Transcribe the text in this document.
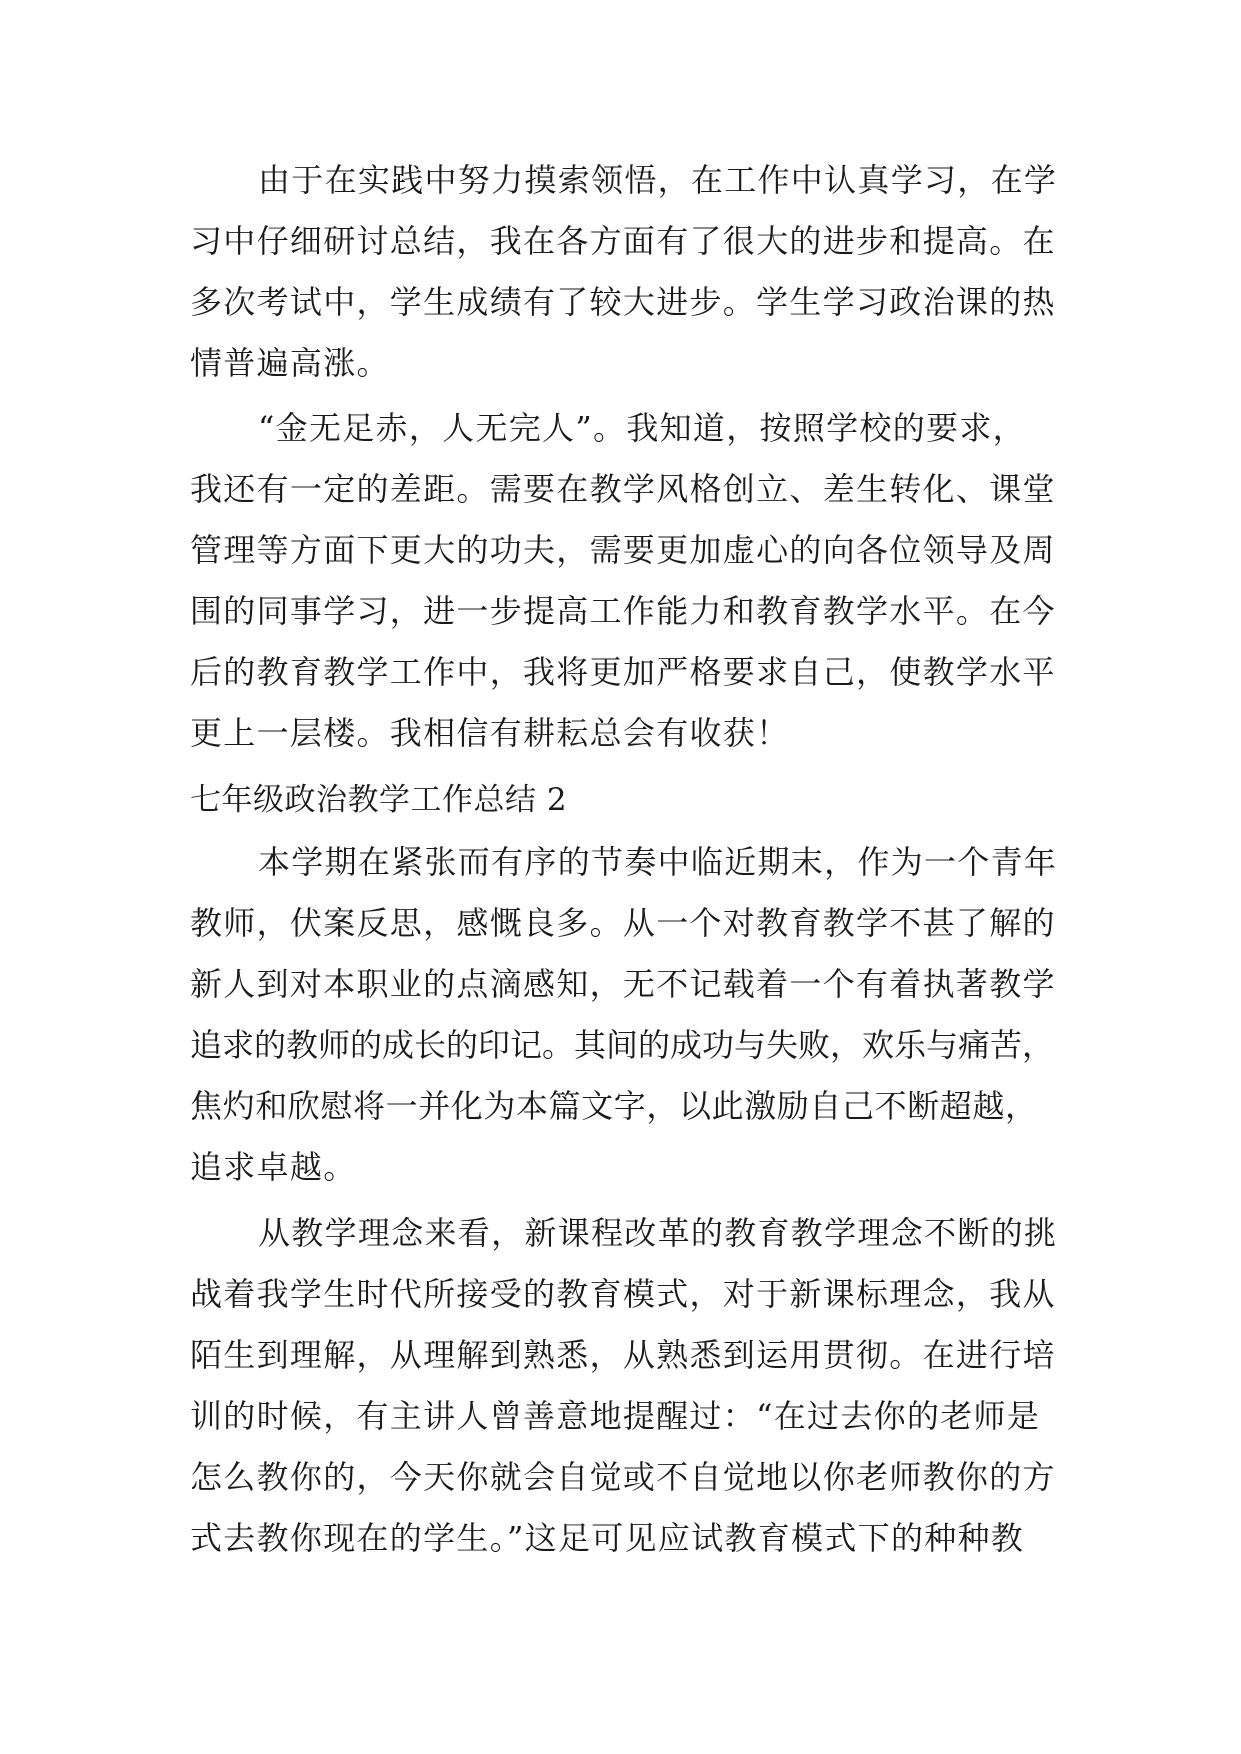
由于在实践中努力摸索领悟，在工作中认真学习，在学
习中仔细研讨总结，我在各方面有了很大的进步和提高。在
多次考试中，学生成绩有了较大进步。学生学习政治课的热
情普遍高涨。
“金无足赤，人无完人”。我知道，按照学校的要求，
我还有一定的差距。需要在教学风格创立、差生转化、课堂
管理等方面下更大的功夫，需要更加虚心的向各位领导及周
围的同事学习，进一步提高工作能力和教育教学水平。在今
后的教育教学工作中，我将更加严格要求自己，使教学水平
更上一层楼。我相信有耕耘总会有收获！
七年级政治教学工作总结 2
本学期在紧张而有序的节奏中临近期末，作为一个青年
教师，伏案反思，感慨良多。从一个对教育教学不甚了解的
新人到对本职业的点滴感知，无不记载着一个有着执著教学
追求的教师的成长的印记。其间的成功与失败，欢乐与痛苦，
焦灼和欣慰将一并化为本篇文字，以此激励自己不断超越，
追求卓越。
从教学理念来看，新课程改革的教育教学理念不断的挑
战着我学生时代所接受的教育模式，对于新课标理念，我从
陌生到理解，从理解到熟悉，从熟悉到运用贯彻。在进行培
训的时候，有主讲人曾善意地提醒过：“在过去你的老师是
怎么教你的，今天你就会自觉或不自觉地以你老师教你的方
式去教你现在的学生。”这足可见应试教育模式下的种种教
